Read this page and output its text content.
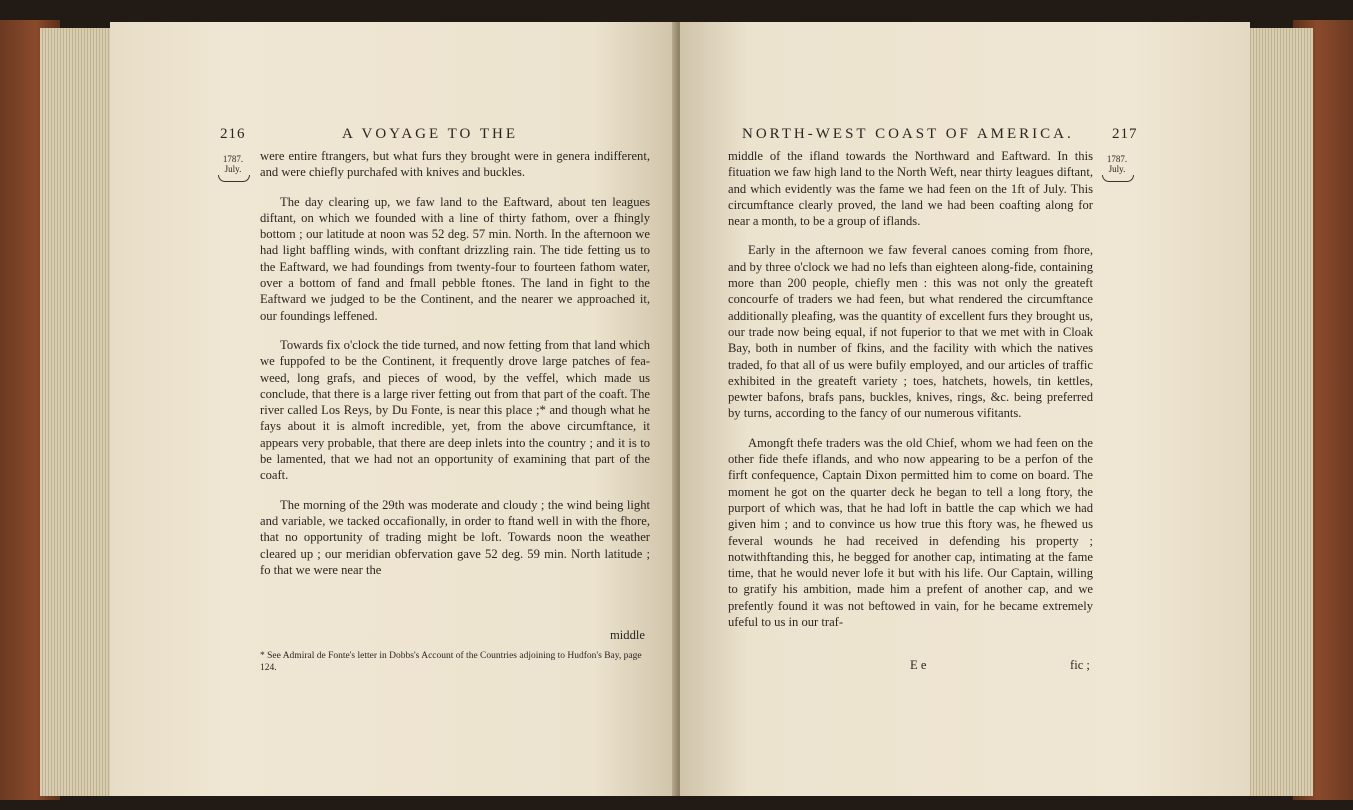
216	A VOYAGE TO THE
1787.
July.

were entire ftrangers, but what furs they brought were in genera indifferent, and were chiefly purchafed with knives and buckles.

The day clearing up, we faw land to the Eaftward, about ten leagues diftant, on which we founded with a line of thirty fathom, over a fhingly bottom ; our latitude at noon was 52 deg. 57 min. North. In the afternoon we had light baffling winds, with conftant drizzling rain. The tide fetting us to the Eaftward, we had foundings from twenty-four to fourteen fathom water, over a bottom of fand and fmall pebble ftones. The land in fight to the Eaftward we judged to be the Continent, and the nearer we approached it, our foundings leffened.

Towards fix o'clock the tide turned, and now fetting from that land which we fuppofed to be the Continent, it frequently drove large patches of fea-weed, long grafs, and pieces of wood, by the veffel, which made us conclude, that there is a large river fetting out from that part of the coaft. The river called Los Reys, by Du Fonte, is near this place ;* and though what he fays about it is almoft incredible, yet, from the above circumftance, it appears very probable, that there are deep inlets into the country ; and it is to be lamented, that we had not an opportunity of examining that part of the coaft.

The morning of the 29th was moderate and cloudy ; the wind being light and variable, we tacked occafionally, in order to ftand well in with the fhore, that no opportunity of trading might be loft. Towards noon the weather cleared up ; our meridian obfervation gave 52 deg. 59 min. North latitude ; fo that we were near the

middle
* See Admiral de Fonte's letter in Dobbs's Account of the Countries adjoining to Hudfon's Bay, page 124.
NORTH-WEST COAST OF AMERICA.	217
1787.
July.

middle of the ifland towards the Northward and Eaftward. In this fituation we faw high land to the North Weft, near thirty leagues diftant, and which evidently was the fame we had feen on the 1ft of July. This circumftance clearly proved, the land we had been coafting along for near a month, to be a group of iflands.

Early in the afternoon we faw feveral canoes coming from fhore, and by three o'clock we had no lefs than eighteen along-fide, containing more than 200 people, chiefly men : this was not only the greateft concourfe of traders we had feen, but what rendered the circumftance additionally pleafing, was the quantity of excellent furs they brought us, our trade now being equal, if not fuperior to that we met with in Cloak Bay, both in number of fkins, and the facility with which the natives traded, fo that all of us were bufily employed, and our articles of traffic exhibited in the greateft variety ; toes, hatchets, howels, tin kettles, pewter bafons, brafs pans, buckles, knives, rings, &c. being preferred by turns, according to the fancy of our numerous vifitants.

Amongft thefe traders was the old Chief, whom we had feen on the other fide thefe iflands, and who now appearing to be a perfon of the firft confequence, Captain Dixon permitted him to come on board. The moment he got on the quarter deck he began to tell a long ftory, the purport of which was, that he had loft in battle the cap which we had given him ; and to convince us how true this ftory was, he fhewed us feveral wounds he had received in defending his property ; notwithftanding this, he begged for another cap, intimating at the fame time, that he would never lofe it but with his life. Our Captain, willing to gratify his ambition, made him a prefent of another cap, and we prefently found it was not beftowed in vain, for he became extremely ufeful to us in our traf-

E e	fic ;
